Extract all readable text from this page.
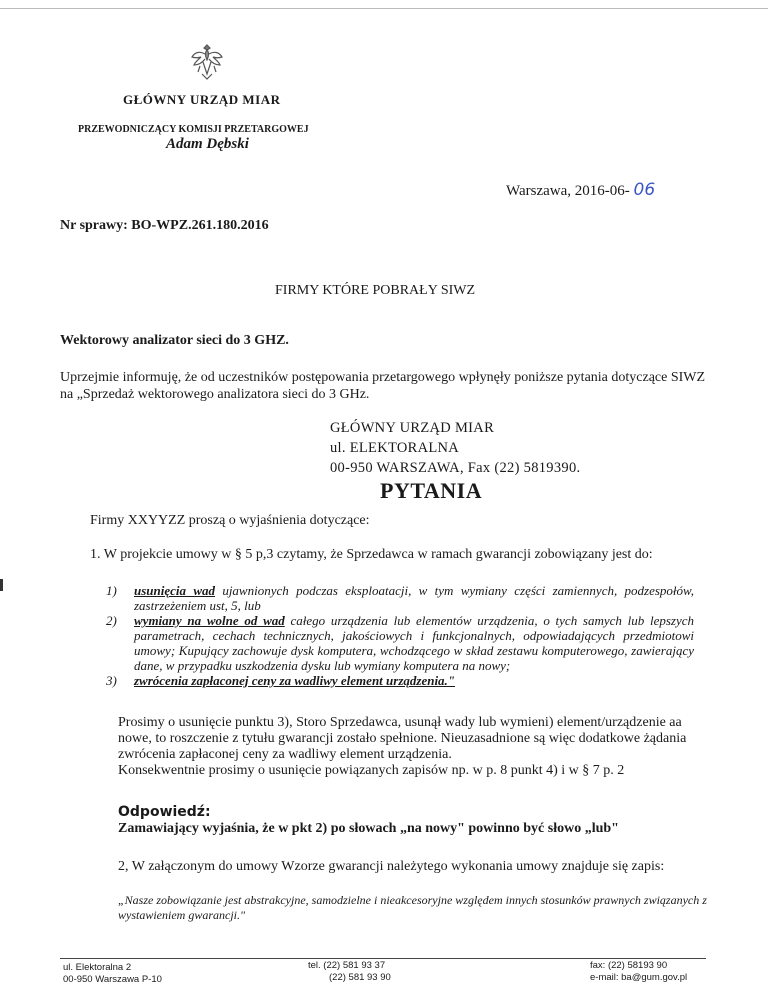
GŁÓWNY URZĄD MIAR
PRZEWODNICZĄCY KOMISJI PRZETARGOWEJ
Adam Dębski
Warszawa, 2016-06- 06
Nr sprawy: BO-WPZ.261.180.2016
FIRMY KTÓRE POBRAŁY SIWZ
Wektorowy analizator sieci do 3 GHZ.
Uprzejmie informuję, że od uczestników postępowania przetargowego wpłynęły poniższe pytania dotyczące SIWZ na „Sprzedaż wektorowego analizatora sieci do 3 GHz.
GŁÓWNY URZĄD MIAR
ul. ELEKTORALNA
00-950 WARSZAWA, Fax (22) 5819390.
PYTANIA
Firmy XXYYZZ proszą o wyjaśnienia dotyczące:
1. W projekcie umowy w § 5 p,3 czytamy, że Sprzedawca w ramach gwarancji zobowiązany jest do:
1) usunięcia wad ujawnionych podczas eksploatacji, w tym wymiany części zamiennych, podzespołów, zastrzeżeniem ust, 5, lub
2) wymiany na wolne od wad całego urządzenia lub elementów urządzenia, o tych samych lub lepszych parametrach, cechach technicznych, jakościowych i funkcjonalnych, odpowiadających przedmiotowi umowy; Kupujący zachowuje dysk komputera, wchodzącego w skład zestawu komputerowego, zawierający dane, w przypadku uszkodzenia dysku lub wymiany komputera na nowy;
3) zwrócenia zapłaconej ceny za wadliwy element urządzenia."
Prosimy o usunięcie punktu 3), Storo Sprzedawca, usunął wady lub wymieni) element/urządzenie aa nowe, to roszczenie z tytułu gwarancji zostało spełnione. Nieuzasadnione są więc dodatkowe żądania zwrócenia zapłaconej ceny za wadliwy element urządzenia.
Konsekwentnie prosimy o usunięcie powiązanych zapisów np. w p. 8 punkt 4) i w § 7 p. 2
Odpowiedź:
Zamawiający wyjaśnia, że w pkt 2) po słowach „na nowy" powinno być słowo „lub"
2, W załączonym do umowy Wzorze gwarancji należytego wykonania umowy znajduje się zapis:
„Nasze zobowiązanie jest abstrakcyjne, samodzielne i nieakcesoryjne względem innych stosunków prawnych związanych z wystawieniem gwarancji."
ul. Elektoralna 2
00-950 Warszawa P-10
tel. (22) 581 93 37
(22) 581 93 90
fax: (22) 58193 90
e-mail: ba@gum.gov.pl
